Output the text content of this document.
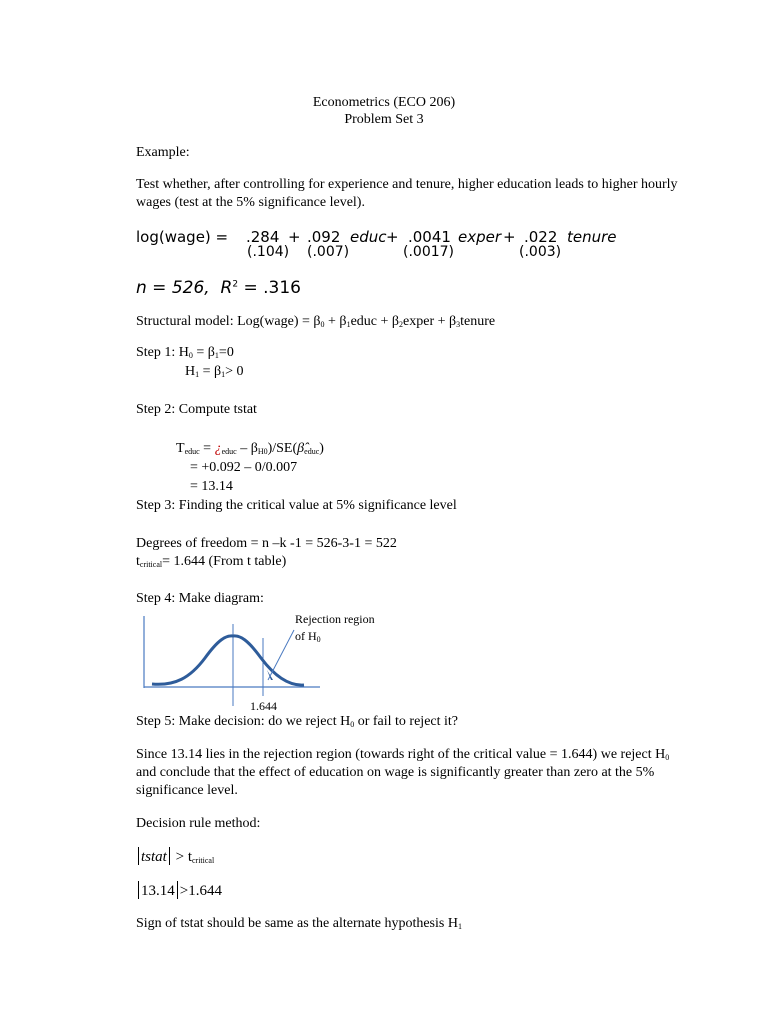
Econometrics (ECO 206)
Problem Set 3
Example:
Test whether, after controlling for experience and tenure, higher education leads to higher hourly
wages (test at the 5% significance level).
log(wage) = .284 + .092 educ + .0041 exper + .022 tenure
(.104) (.007)	(.0017)	(.003)
n = 526, $R^2 = .316$
Structural model: Log(wage) = $\beta_0$ + $\beta_1educ$ + $\beta_2exper$ + $\beta_3tenure$
Step 1: $H_0 = \beta_1=0$
$H_1 = \beta_1> 0$
Step 2: Compute tstat
$T_{educ}$ = ¿$_{educ}$ – $\beta_{H0})/SE(\betâ_{educ})$
= +0.092 – 0/0.007
= 13.14
Step 3: Finding the critical value at 5% significance level
Degrees of freedom = n –k -1 = 526-3-1 = 522
$t_{critical}= 1.644$ (From t table)
Step 4: Make diagram:
Rejection region
of H0
1.644
Step 5: Make decision: do we reject $H_0$ or fail to reject it?
Since 13.14 lies in the rejection region (towards right of the critical value = 1.644) we reject $H_0$
and conclude that the effect of education on wage is significantly greater than zero at the 5%
significance level.
Decision rule method:
tstat > $t_{critical}$
13.14 >1.644
Sign of tstat should be same as the alternate hypothesis $H_1$
